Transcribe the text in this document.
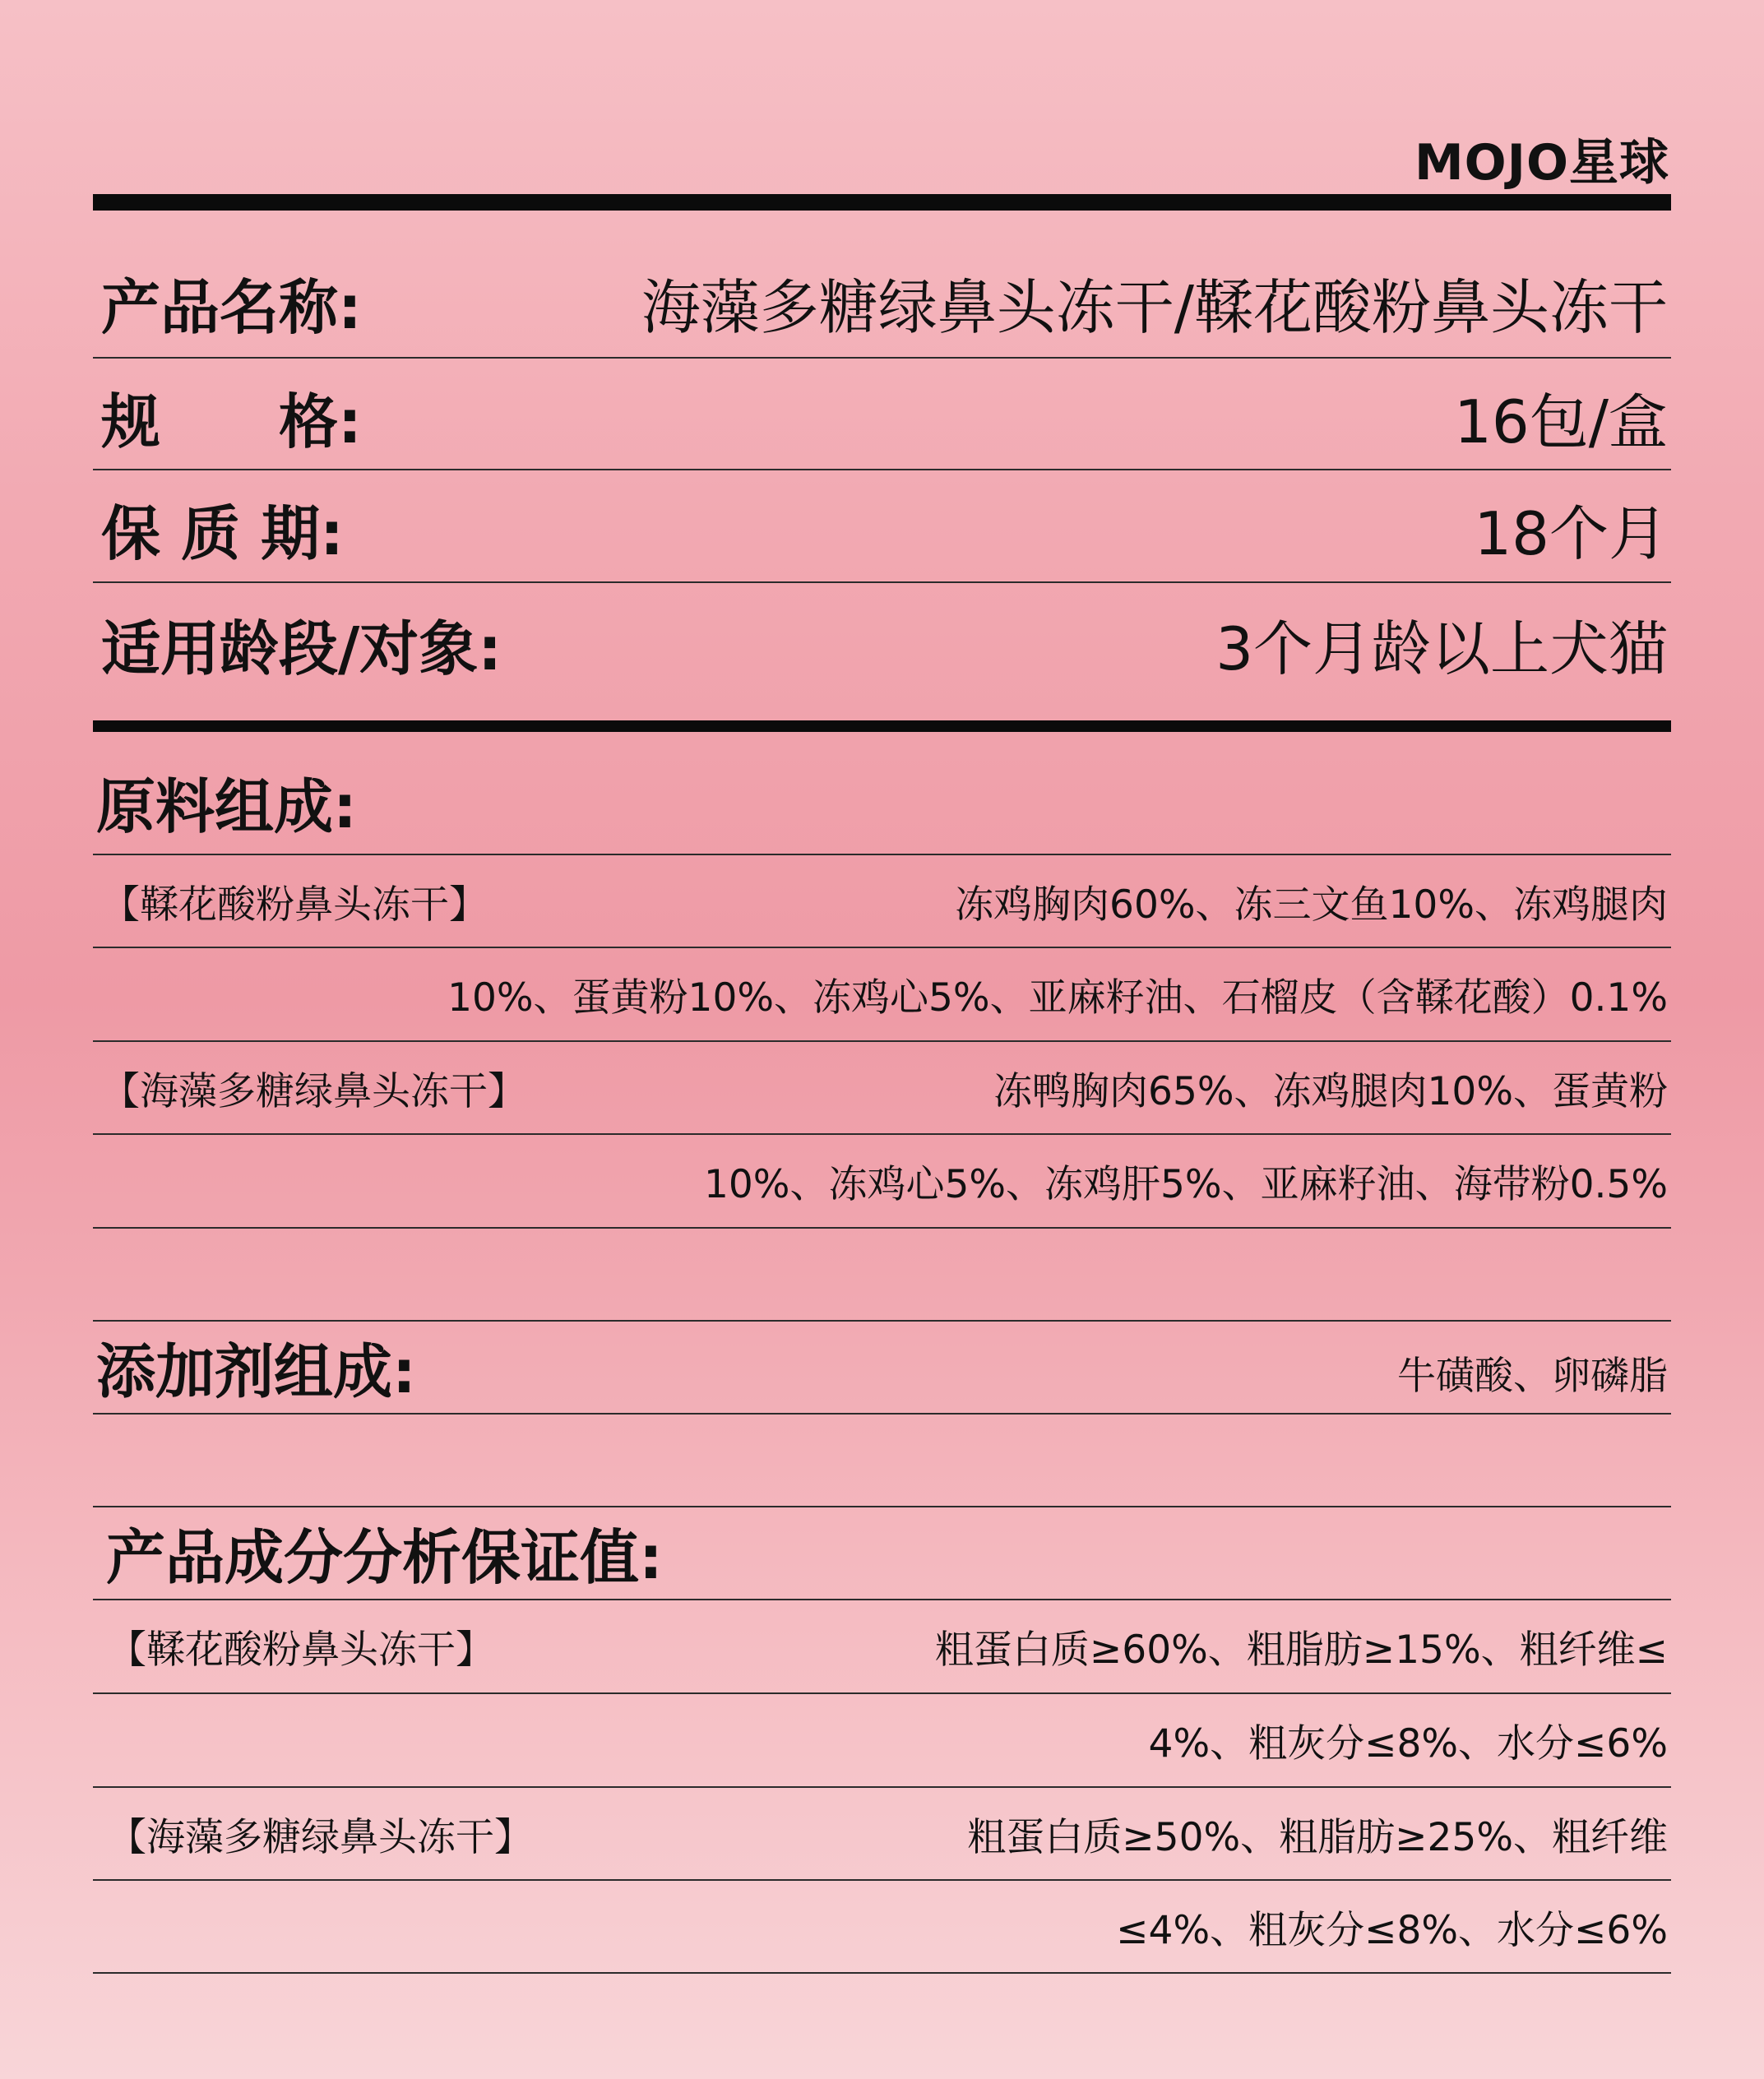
MOJO星球
产品名称:	海藻多糖绿鼻头冻干/鞣花酸粉鼻头冻干
规　　格:	16包/盒
保 质 期:	18个月
适用龄段/对象:	3个月龄以上犬猫
原料组成:
【鞣花酸粉鼻头冻干】	冻鸡胸肉60%、冻三文鱼10%、冻鸡腿肉
10%、蛋黄粉10%、冻鸡心5%、亚麻籽油、石榴皮（含鞣花酸）0.1%
【海藻多糖绿鼻头冻干】	冻鸭胸肉65%、冻鸡腿肉10%、蛋黄粉
10%、冻鸡心5%、冻鸡肝5%、亚麻籽油、海带粉0.5%
添加剂组成:	牛磺酸、卵磷脂
产品成分分析保证值:
【鞣花酸粉鼻头冻干】	粗蛋白质≥60%、粗脂肪≥15%、粗纤维≤
4%、粗灰分≤8%、水分≤6%
【海藻多糖绿鼻头冻干】	粗蛋白质≥50%、粗脂肪≥25%、粗纤维
≤4%、粗灰分≤8%、水分≤6%
